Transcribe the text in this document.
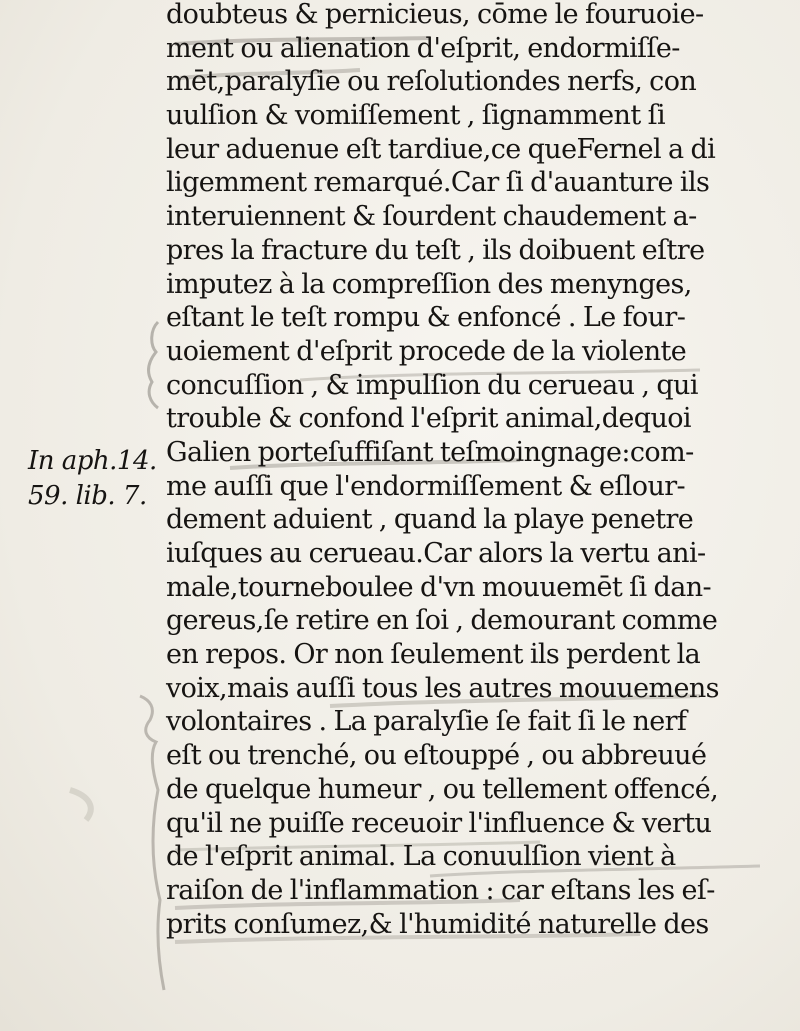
doubteus & pernicieus, cōme le fouruoie-
ment ou alienation d'eſprit, endormiſſe-
mēt,paralyſie ou reſolutiondes nerfs, con
uulſion & vomiſſement , ſignamment ſi
leur aduenue eſt tardiue,ce queFernel a di
ligemment remarqué.Car ſi d'auanture ils
interuiennent & ſourdent chaudement a-
pres la fracture du teſt , ils doibuent eſtre
imputez à la compreſſion des menynges,
eſtant le teſt rompu & enfoncé . Le four-
uoiement d'eſprit procede de la violente
concuſſion , & impulſion du cerueau , qui
trouble & confond l'eſprit animal,dequoi
Galien porteſuffiſant teſmoingnage:com-
me auſſi que l'endormiſſement & eſlour-
dement aduient , quand la playe penetre
iuſques au cerueau.Car alors la vertu ani-
male,tourneboulee d'vn mouuemēt ſi dan-
gereus,ſe retire en ſoi , demourant comme
en repos. Or non ſeulement ils perdent la
voix,mais auſſi tous les autres mouuemens
volontaires . La paralyſie ſe fait ſi le nerf
eſt ou trenché, ou eſtouppé , ou abbreuué
de quelque humeur , ou tellement offencé,
qu'il ne puiſſe receuoir l'influence & vertu
de l'eſprit animal. La conuulſion vient à
raiſon de l'inflammation : car eſtans les eſ-
prits conſumez,& l'humidité naturelle des
In aph.14.
59. lib. 7.
